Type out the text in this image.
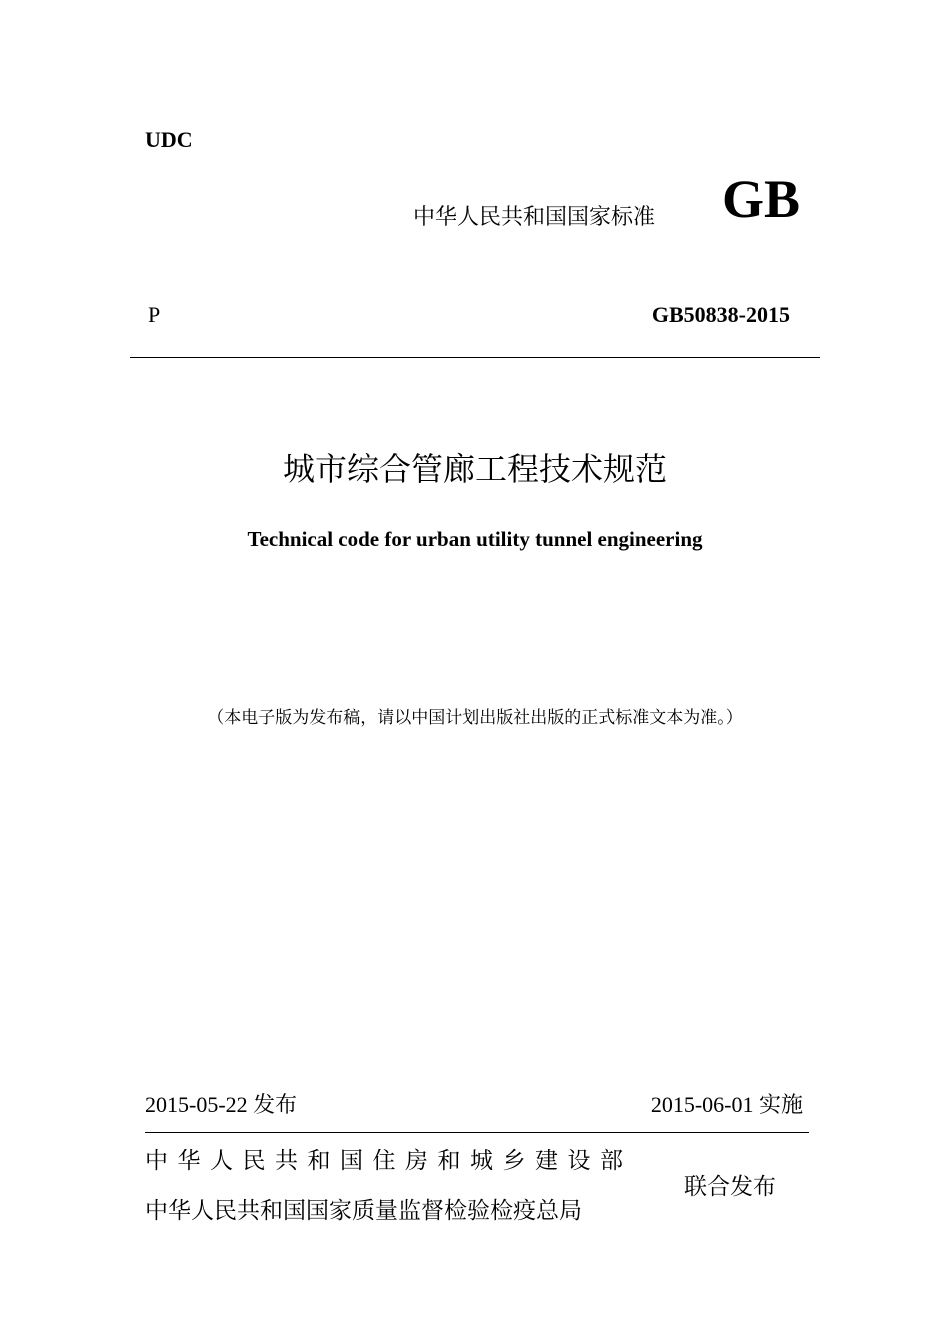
UDC
中华人民共和国国家标准 GB
P	GB50838-2015
城市综合管廊工程技术规范
Technical code for urban utility tunnel engineering
（本电子版为发布稿，请以中国计划出版社出版的正式标准文本为准。）
2015-05-22 发布	2015-06-01 实施
中华人民共和国住房和城乡建设部
中华人民共和国国家质量监督检验检疫总局
联合发布
